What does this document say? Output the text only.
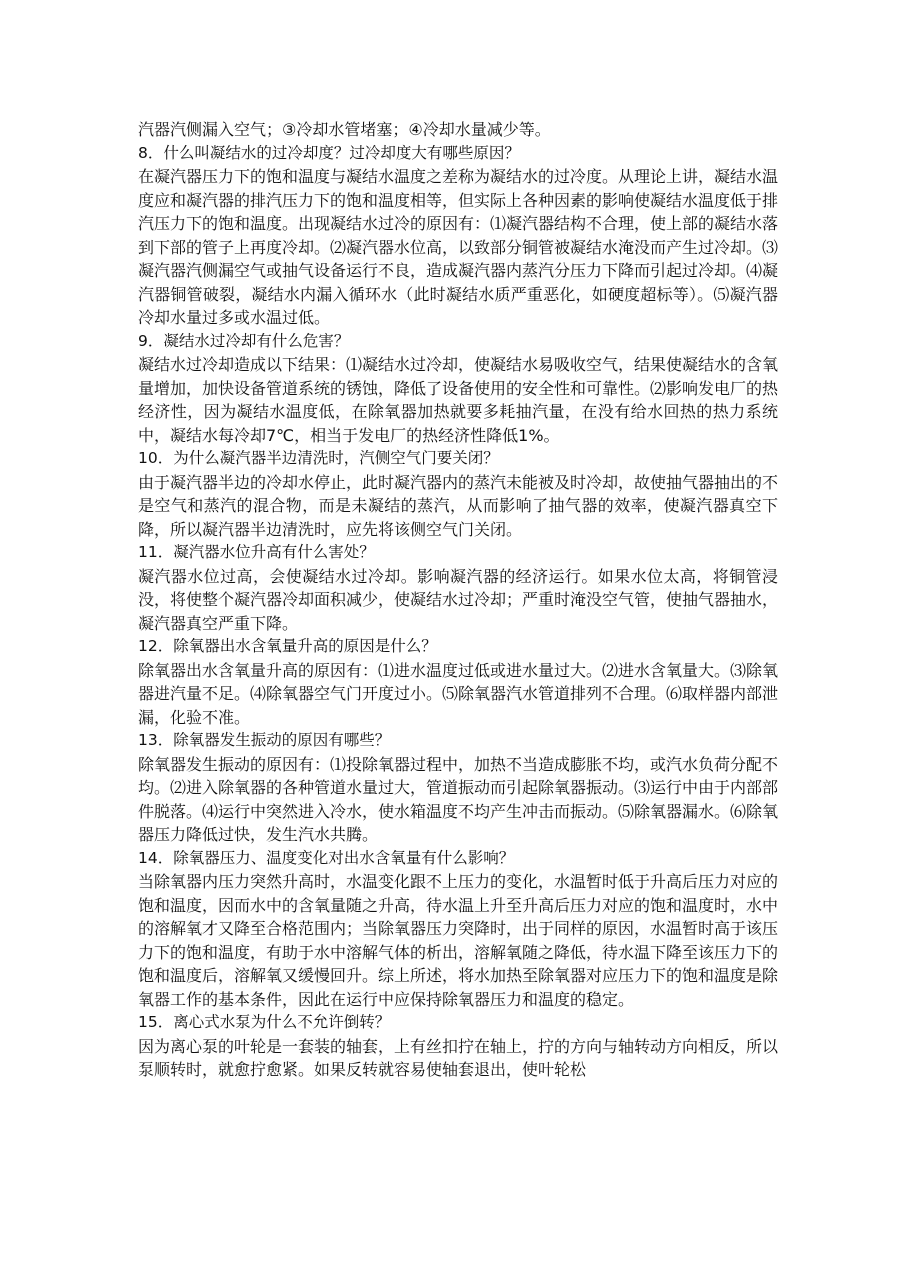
汽器汽侧漏入空气；③冷却水管堵塞；④冷却水量减少等。

8．什么叫凝结水的过冷却度？过冷却度大有哪些原因？

在凝汽器压力下的饱和温度与凝结水温度之差称为凝结水的过冷度。从理论上讲，凝结水温度应和凝汽器的排汽压力下的饱和温度相等，但实际上各种因素的影响使凝结水温度低于排汽压力下的饱和温度。出现凝结水过冷的原因有：⑴凝汽器结构不合理，使上部的凝结水落到下部的管子上再度冷却。⑵凝汽器水位高，以致部分铜管被凝结水淹没而产生过冷却。⑶凝汽器汽侧漏空气或抽气设备运行不良，造成凝汽器内蒸汽分压力下降而引起过冷却。⑷凝汽器铜管破裂，凝结水内漏入循环水（此时凝结水质严重恶化，如硬度超标等）。⑸凝汽器冷却水量过多或水温过低。

9．凝结水过冷却有什么危害？

凝结水过冷却造成以下结果：⑴凝结水过冷却，使凝结水易吸收空气，结果使凝结水的含氧量增加，加快设备管道系统的锈蚀，降低了设备使用的安全性和可靠性。⑵影响发电厂的热经济性，因为凝结水温度低，在除氧器加热就要多耗抽汽量，在没有给水回热的热力系统中，凝结水每冷却7℃，相当于发电厂的热经济性降低1%。

10．为什么凝汽器半边清洗时，汽侧空气门要关闭？

由于凝汽器半边的冷却水停止，此时凝汽器内的蒸汽未能被及时冷却，故使抽气器抽出的不是空气和蒸汽的混合物，而是未凝结的蒸汽，从而影响了抽气器的效率，使凝汽器真空下降，所以凝汽器半边清洗时，应先将该侧空气门关闭。

11．凝汽器水位升高有什么害处？

凝汽器水位过高，会使凝结水过冷却。影响凝汽器的经济运行。如果水位太高，将铜管浸没，将使整个凝汽器冷却面积减少，使凝结水过冷却；严重时淹没空气管，使抽气器抽水，凝汽器真空严重下降。

12．除氧器出水含氧量升高的原因是什么？

除氧器出水含氧量升高的原因有：⑴进水温度过低或进水量过大。⑵进水含氧量大。⑶除氧器进汽量不足。⑷除氧器空气门开度过小。⑸除氧器汽水管道排列不合理。⑹取样器内部泄漏，化验不准。

13．除氧器发生振动的原因有哪些？

除氧器发生振动的原因有：⑴投除氧器过程中，加热不当造成膨胀不均，或汽水负荷分配不均。⑵进入除氧器的各种管道水量过大，管道振动而引起除氧器振动。⑶运行中由于内部部件脱落。⑷运行中突然进入冷水，使水箱温度不均产生冲击而振动。⑸除氧器漏水。⑹除氧器压力降低过快，发生汽水共腾。

14．除氧器压力、温度变化对出水含氧量有什么影响？

当除氧器内压力突然升高时，水温变化跟不上压力的变化，水温暂时低于升高后压力对应的饱和温度，因而水中的含氧量随之升高，待水温上升至升高后压力对应的饱和温度时，水中的溶解氧才又降至合格范围内；当除氧器压力突降时，出于同样的原因，水温暂时高于该压力下的饱和温度，有助于水中溶解气体的析出，溶解氧随之降低，待水温下降至该压力下的饱和温度后，溶解氧又缓慢回升。综上所述，将水加热至除氧器对应压力下的饱和温度是除氧器工作的基本条件，因此在运行中应保持除氧器压力和温度的稳定。

15．离心式水泵为什么不允许倒转？

因为离心泵的叶轮是一套装的轴套，上有丝扣拧在轴上，拧的方向与轴转动方向相反，所以泵顺转时，就愈拧愈紧。如果反转就容易使轴套退出，使叶轮松
